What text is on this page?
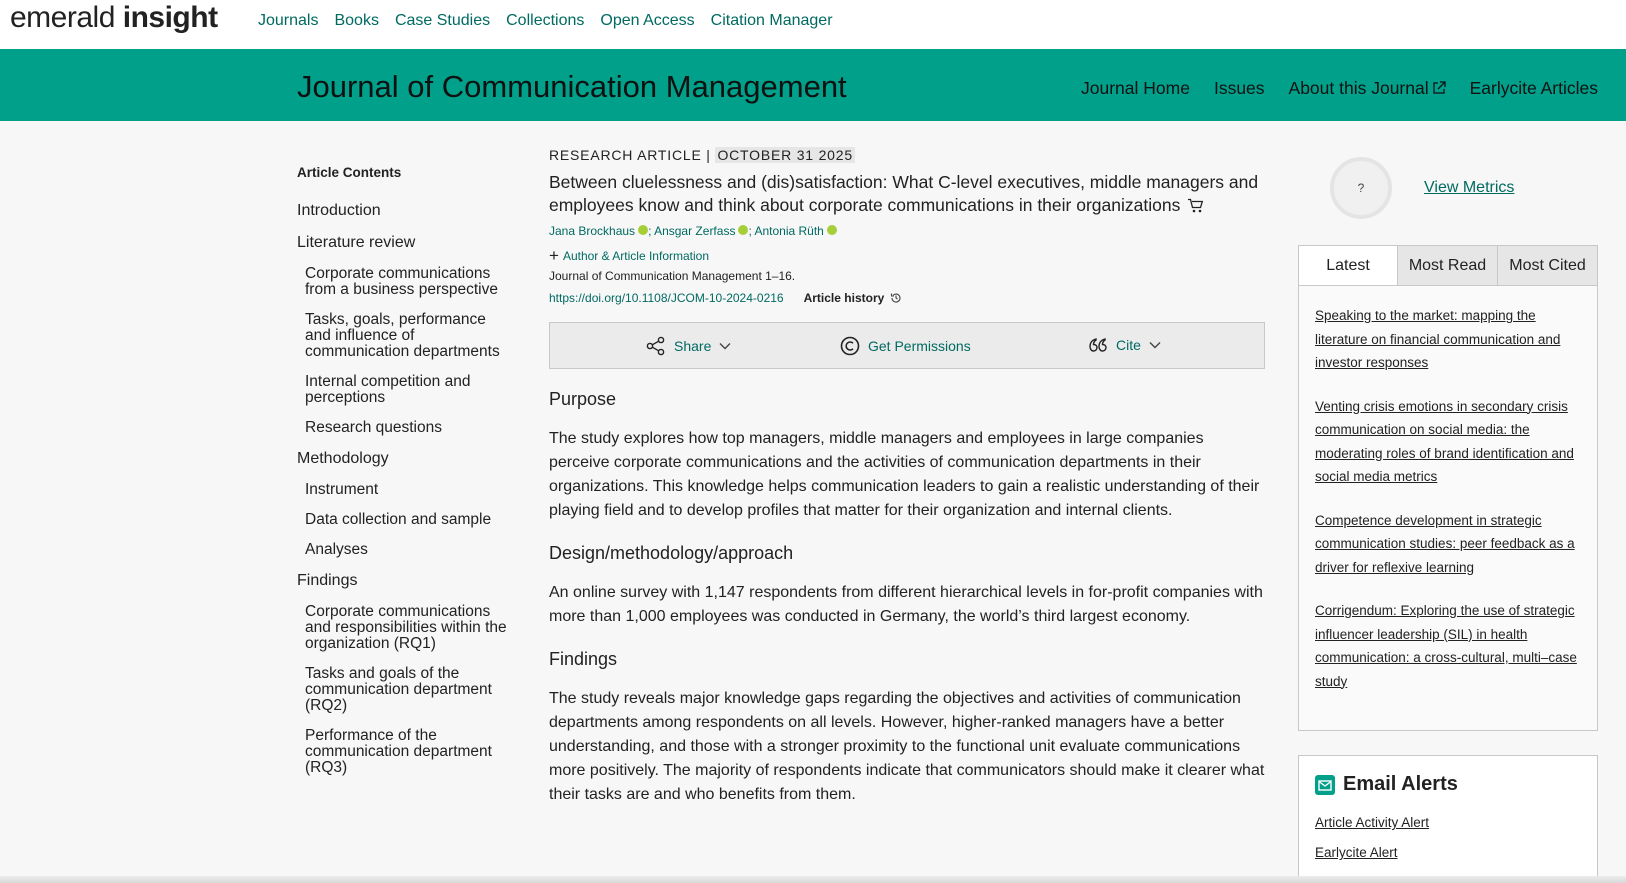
emerald insight	Journals Books Case Studies Collections Open Access Citation Manager
Journal of Communication Management	Journal Home Issues About this Journal Earlycite Articles
Article Contents
Introduction
Literature review
Corporate communications from a business perspective
Tasks, goals, performance and influence of communication departments
Internal competition and perceptions
Research questions
Methodology
Instrument
Data collection and sample
Analyses
Findings
Corporate communications and responsibilities within the organization (RQ1)
Tasks and goals of the communication department (RQ2)
Performance of the communication department (RQ3)
RESEARCH ARTICLE | OCTOBER 31 2025
Between cluelessness and (dis)satisfaction: What C-level executives, middle managers and employees know and think about corporate communications in their organizations
Jana Brockhaus ; Ansgar Zerfass ; Antonia Rüth
+ Author & Article Information
Journal of Communication Management 1–16.
https://doi.org/10.1108/JCOM-10-2024-0216 Article history
Share	Get Permissions	Cite
Purpose

The study explores how top managers, middle managers and employees in large companies perceive corporate communications and the activities of communication departments in their organizations. This knowledge helps communication leaders to gain a realistic understanding of their playing field and to develop profiles that matter for their organization and internal clients.

Design/methodology/approach

An online survey with 1,147 respondents from different hierarchical levels in for-profit companies with more than 1,000 employees was conducted in Germany, the world’s third largest economy.

Findings

The study reveals major knowledge gaps regarding the objectives and activities of communication departments among respondents on all levels. However, higher-ranked managers have a better understanding, and those with a stronger proximity to the functional unit evaluate communications more positively. The majority of respondents indicate that communicators should make it clearer what their tasks are and who benefits from them.

?	View Metrics
Latest	Most Read	Most Cited
Speaking to the market: mapping the literature on financial communication and investor responses
Venting crisis emotions in secondary crisis communication on social media: the moderating roles of brand identification and social media metrics
Competence development in strategic communication studies: peer feedback as a driver for reflexive learning
Corrigendum: Exploring the use of strategic influencer leadership (SIL) in health communication: a cross-cultural, multi–case study
Email Alerts
Article Activity Alert
Earlycite Alert
